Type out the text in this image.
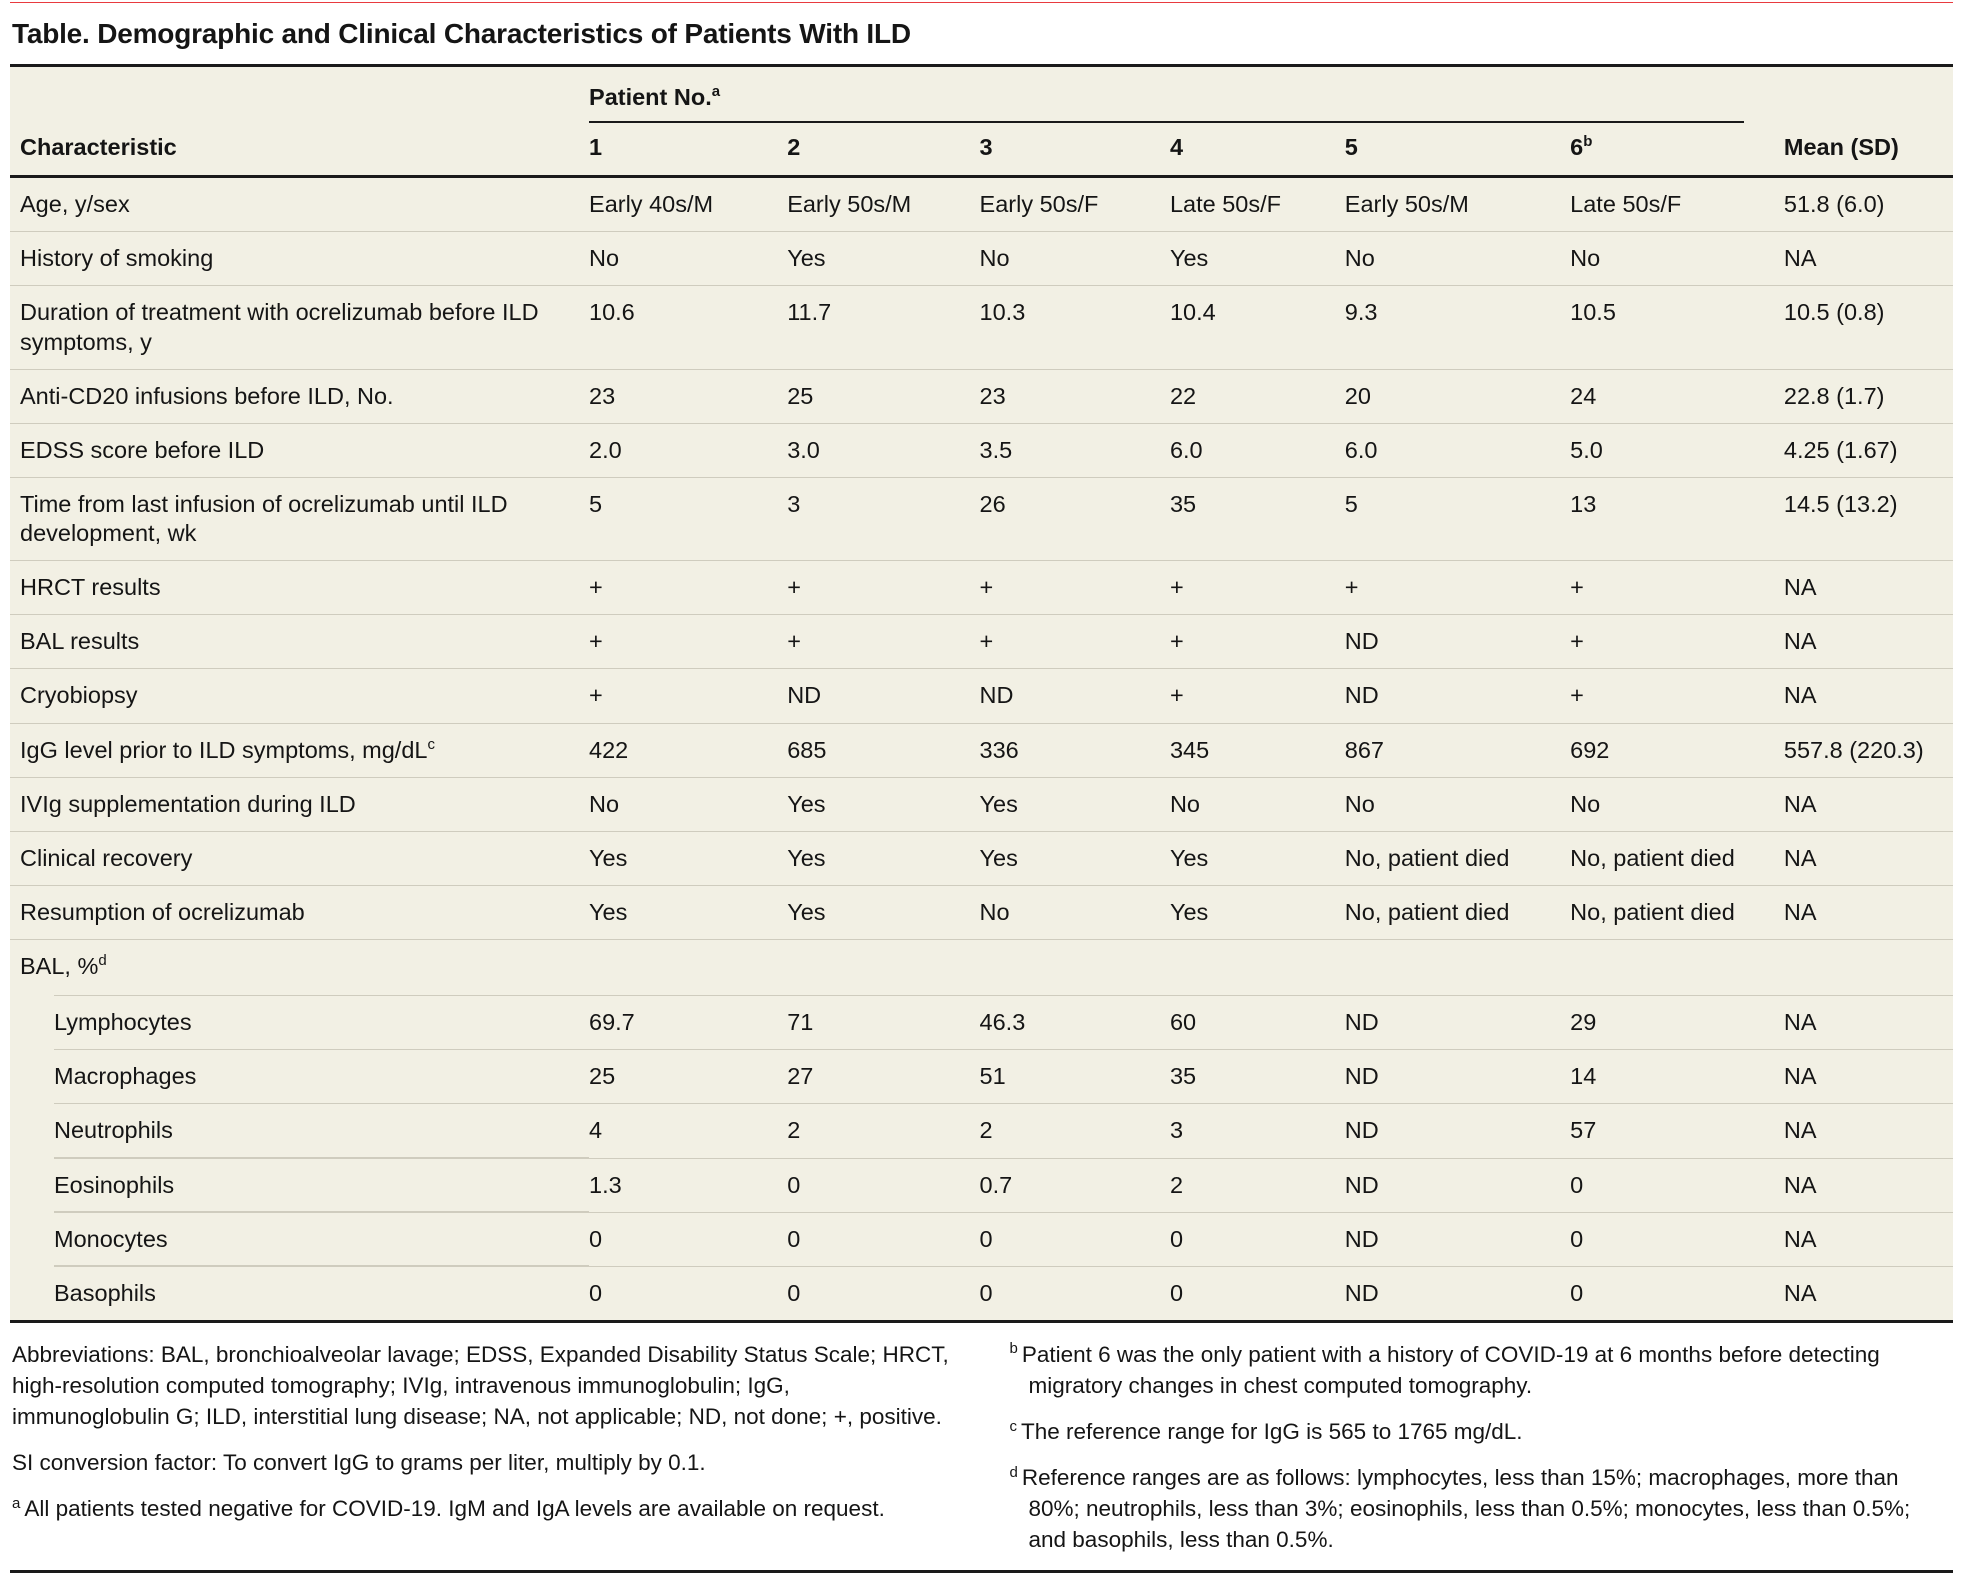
Table. Demographic and Clinical Characteristics of Patients With ILD

	Patient No.$^a$

Characteristic	1	2	3	4	5	6$^b$	Mean (SD)
Age, y/sex	Early 40s/M	Early 50s/M	Early 50s/F	Late 50s/F	Early 50s/M	Late 50s/F	51.8 (6.0)
History of smoking	No	Yes	No	Yes	No	No	NA
Duration of treatment with ocrelizumab before ILD symptoms, y	10.6	11.7	10.3	10.4	9.3	10.5	10.5 (0.8)
Anti-CD20 infusions before ILD, No.	23	25	23	22	20	24	22.8 (1.7)
EDSS score before ILD	2.0	3.0	3.5	6.0	6.0	5.0	4.25 (1.67)
Time from last infusion of ocrelizumab until ILD development, wk	5	3	26	35	5	13	14.5 (13.2)
HRCT results	+	+	+	+	+	+	NA
BAL results	+	+	+	+	ND	+	NA
Cryobiopsy	+	ND	ND	+	ND	+	NA
IgG level prior to ILD symptoms, $mg/dL^c$	422	685	336	345	867	692	557.8 (220.3)
IVIg supplementation during ILD	No	Yes	Yes	No	No	No	NA
Clinical recovery	Yes	Yes	Yes	Yes	No, patient died	No, patient died	NA
Resumption of ocrelizumab	Yes	Yes	No	Yes	No, patient died	No, patient died	NA
BAL, %$^d$							
Lymphocytes	69.7	71	46.3	60	ND	29	NA
Macrophages	25	27	51	35	ND	14	NA
Neutrophils	4	2	2	3	ND	57	NA
Eosinophils	1.3	0	0.7	2	ND	0	NA
Monocytes	0	0	0	0	ND	0	NA
Basophils	0	0	0	0	ND	0	NA

Abbreviations: BAL, bronchioalveolar lavage; EDSS, Expanded Disability Status Scale; HRCT, high-resolution computed tomography; IVIg, intravenous immunoglobulin; IgG, immunoglobulin G; ILD, interstitial lung disease; NA, not applicable; ND, not done; +, positive.

SI conversion factor: To convert IgG to grams per liter, multiply by 0.1.

$^a$ All patients tested negative for COVID-19. IgM and IgA levels are available on request.

$^b$ Patient 6 was the only patient with a history of COVID-19 at 6 months before detecting migratory changes in chest computed tomography.

$^c$ The reference range for IgG is 565 to 1765 mg/dL.

$^d$ Reference ranges are as follows: lymphocytes, less than 15%; macrophages, more than 80%; neutrophils, less than 3%; eosinophils, less than 0.5%; monocytes, less than 0.5%; and basophils, less than 0.5%.
